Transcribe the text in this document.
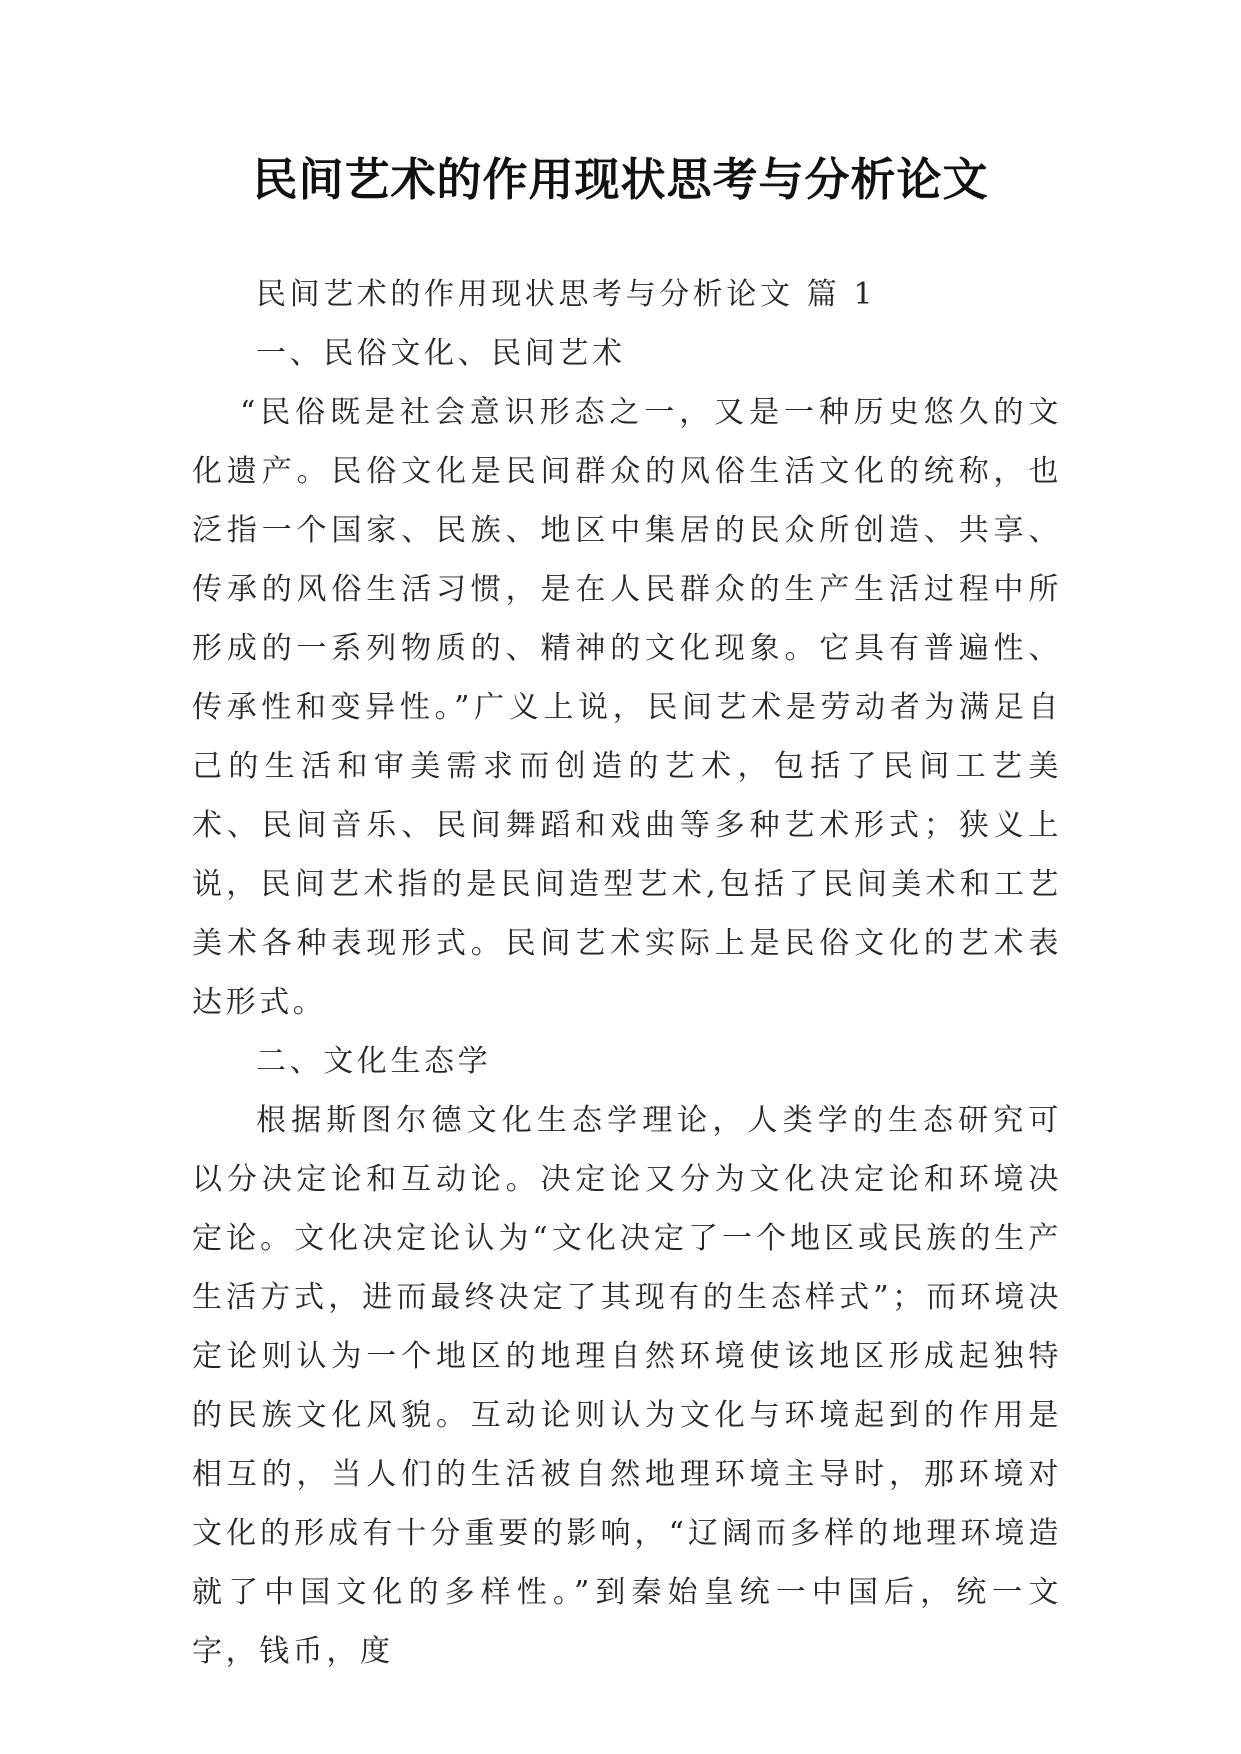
民间艺术的作用现状思考与分析论文

民间艺术的作用现状思考与分析论文 篇 1

一、民俗文化、民间艺术

“民俗既是社会意识形态之一，又是一种历史悠久的文化遗产。民俗文化是民间群众的风俗生活文化的统称，也泛指一个国家、民族、地区中集居的民众所创造、共享、传承的风俗生活习惯，是在人民群众的生产生活过程中所形成的一系列物质的、精神的文化现象。它具有普遍性、传承性和变异性。”广义上说，民间艺术是劳动者为满足自己的生活和审美需求而创造的艺术，包括了民间工艺美术、民间音乐、民间舞蹈和戏曲等多种艺术形式；狭义上说，民间艺术指的是民间造型艺术,包括了民间美术和工艺美术各种表现形式。民间艺术实际上是民俗文化的艺术表达形式。

二、文化生态学

根据斯图尔德文化生态学理论，人类学的生态研究可以分决定论和互动论。决定论又分为文化决定论和环境决定论。文化决定论认为“文化决定了一个地区或民族的生产生活方式，进而最终决定了其现有的生态样式”；而环境决定论则认为一个地区的地理自然环境使该地区形成起独特的民族文化风貌。互动论则认为文化与环境起到的作用是相互的，当人们的生活被自然地理环境主导时，那环境对文化的形成有十分重要的影响，“辽阔而多样的地理环境造就了中国文化的多样性。”到秦始皇统一中国后，统一文字，钱币，度
